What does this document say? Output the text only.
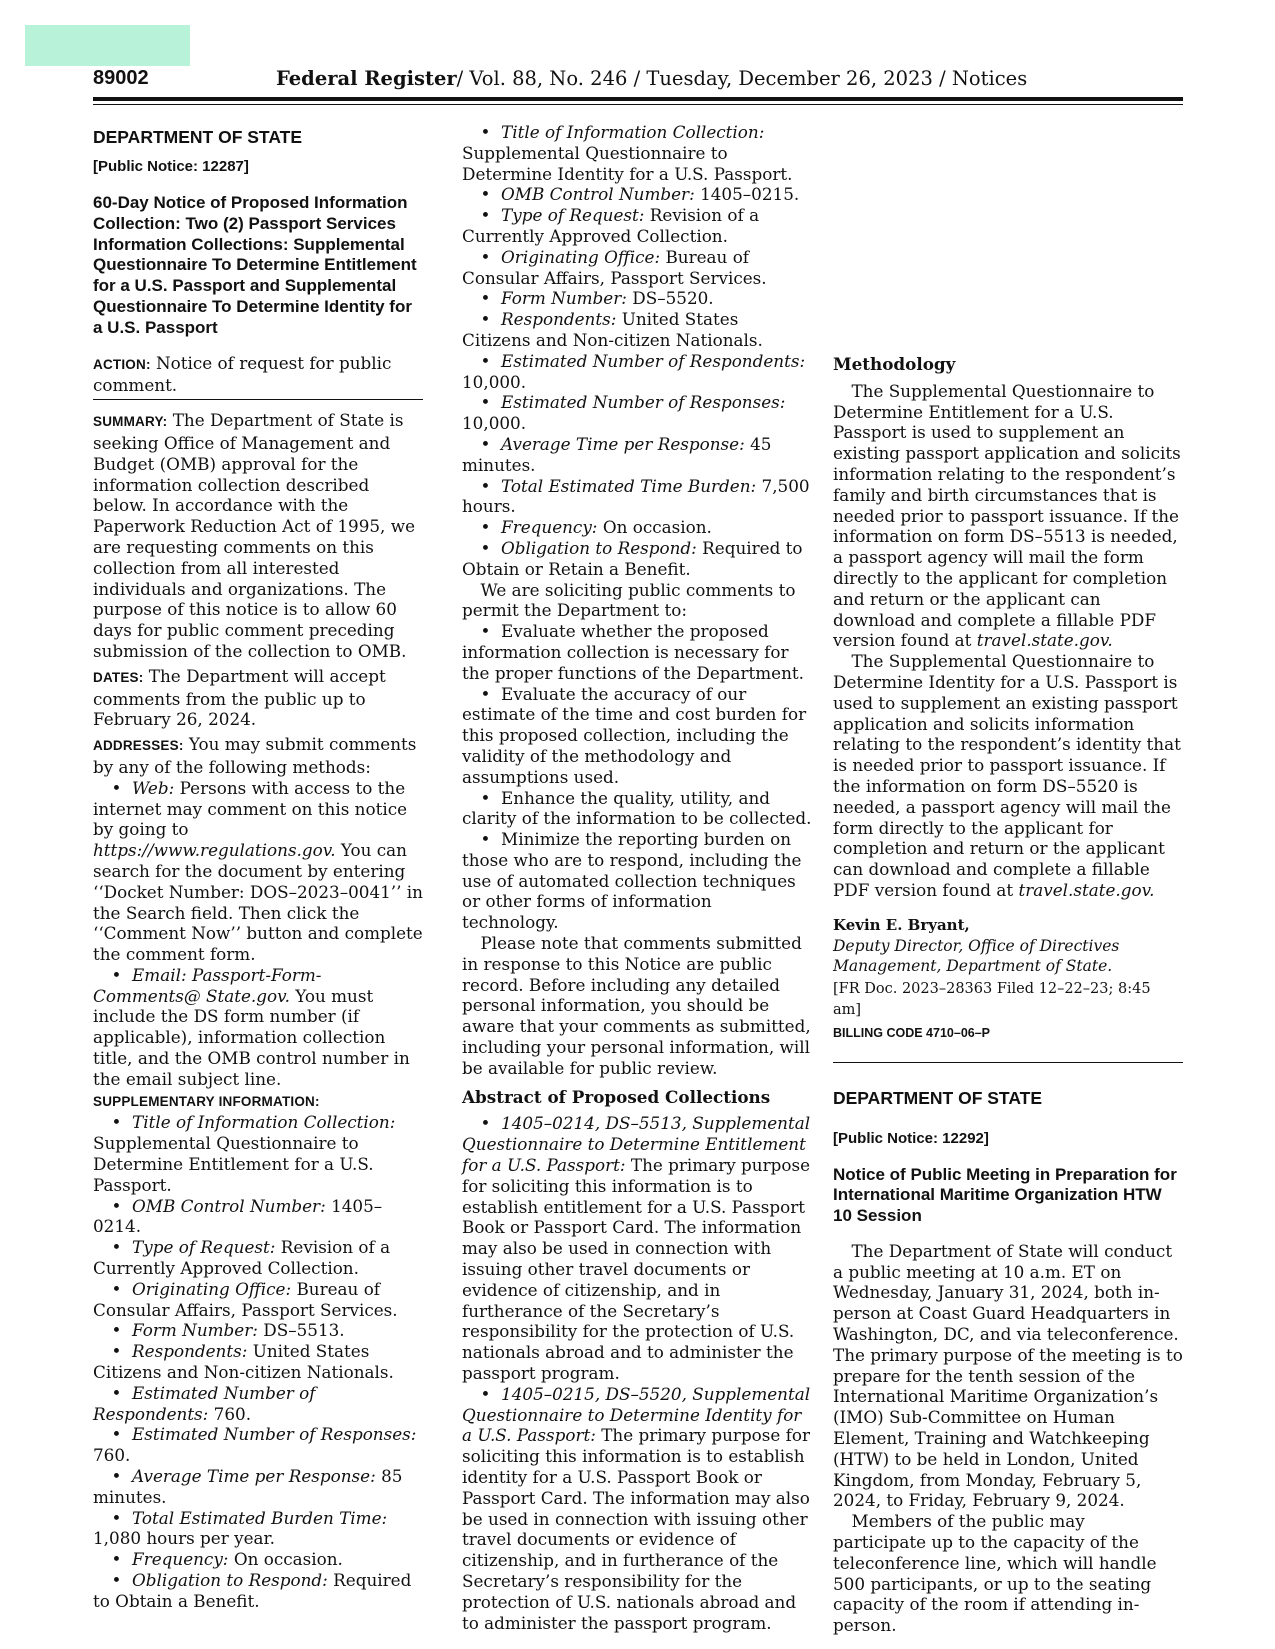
89002	Federal Register/ Vol. 88, No. 246 / Tuesday, December 26, 2023 / Notices

DEPARTMENT OF STATE

[Public Notice: 12287]

60-Day Notice of Proposed Information Collection: Two (2) Passport Services Information Collections: Supplemental Questionnaire To Determine Entitlement for a U.S. Passport and Supplemental Questionnaire To Determine Identity for a U.S. Passport

ACTION: Notice of request for public comment.

SUMMARY: The Department of State is seeking Office of Management and Budget (OMB) approval for the information collection described below. In accordance with the Paperwork Reduction Act of 1995, we are requesting comments on this collection from all interested individuals and organizations. The purpose of this notice is to allow 60 days for public comment preceding submission of the collection to OMB.

DATES: The Department will accept comments from the public up to February 26, 2024.

ADDRESSES: You may submit comments by any of the following methods:

•  Web: Persons with access to the internet may comment on this notice by going to https://www.regulations.gov. You can search for the document by entering ‘‘Docket Number: DOS–2023–0041’’ in the Search field. Then click the ‘‘Comment Now’’ button and complete the comment form.

•  Email: Passport-Form-Comments@ State.gov. You must include the DS form number (if applicable), information collection title, and the OMB control number in the email subject line.

SUPPLEMENTARY INFORMATION:

•  Title of Information Collection: Supplemental Questionnaire to Determine Entitlement for a U.S. Passport.

•  OMB Control Number: 1405–0214.

•  Type of Request: Revision of a Currently Approved Collection.

•  Originating Office: Bureau of Consular Affairs, Passport Services.

•  Form Number: DS–5513.

•  Respondents: United States Citizens and Non-citizen Nationals.

•  Estimated Number of Respondents: 760.

•  Estimated Number of Responses: 760.

•  Average Time per Response: 85 minutes.

•  Total Estimated Burden Time: 1,080 hours per year.

•  Frequency: On occasion.

•  Obligation to Respond: Required to Obtain a Benefit.

•  Title of Information Collection: Supplemental Questionnaire to Determine Identity for a U.S. Passport.

•  OMB Control Number: 1405–0215.

•  Type of Request: Revision of a Currently Approved Collection.

•  Originating Office: Bureau of Consular Affairs, Passport Services.

•  Form Number: DS–5520.

•  Respondents: United States Citizens and Non-citizen Nationals.

•  Estimated Number of Respondents: 10,000.

•  Estimated Number of Responses: 10,000.

•  Average Time per Response: 45 minutes.

•  Total Estimated Time Burden: 7,500 hours.

•  Frequency: On occasion.

•  Obligation to Respond: Required to Obtain or Retain a Benefit.

We are soliciting public comments to permit the Department to:

•  Evaluate whether the proposed information collection is necessary for the proper functions of the Department.

•  Evaluate the accuracy of our estimate of the time and cost burden for this proposed collection, including the validity of the methodology and assumptions used.

•  Enhance the quality, utility, and clarity of the information to be collected.

•  Minimize the reporting burden on those who are to respond, including the use of automated collection techniques or other forms of information technology.

Please note that comments submitted in response to this Notice are public record. Before including any detailed personal information, you should be aware that your comments as submitted, including your personal information, will be available for public review.

Abstract of Proposed Collections

•  1405–0214, DS–5513, Supplemental Questionnaire to Determine Entitlement for a U.S. Passport: The primary purpose for soliciting this information is to establish entitlement for a U.S. Passport Book or Passport Card. The information may also be used in connection with issuing other travel documents or evidence of citizenship, and in furtherance of the Secretary’s responsibility for the protection of U.S. nationals abroad and to administer the passport program.

•  1405–0215, DS–5520, Supplemental Questionnaire to Determine Identity for a U.S. Passport: The primary purpose for soliciting this information is to establish identity for a U.S. Passport Book or Passport Card. The information may also be used in connection with issuing other travel documents or evidence of citizenship, and in furtherance of the Secretary’s responsibility for the protection of U.S. nationals abroad and to administer the passport program.

Methodology

The Supplemental Questionnaire to Determine Entitlement for a U.S. Passport is used to supplement an existing passport application and solicits information relating to the respondent’s family and birth circumstances that is needed prior to passport issuance. If the information on form DS–5513 is needed, a passport agency will mail the form directly to the applicant for completion and return or the applicant can download and complete a fillable PDF version found at travel.state.gov.

The Supplemental Questionnaire to Determine Identity for a U.S. Passport is used to supplement an existing passport application and solicits information relating to the respondent’s identity that is needed prior to passport issuance. If the information on form DS–5520 is needed, a passport agency will mail the form directly to the applicant for completion and return or the applicant can download and complete a fillable PDF version found at travel.state.gov.

Kevin E. Bryant,

Deputy Director, Office of Directives Management, Department of State.

[FR Doc. 2023–28363 Filed 12–22–23; 8:45 am]

BILLING CODE 4710–06–P

DEPARTMENT OF STATE

[Public Notice: 12292]

Notice of Public Meeting in Preparation for International Maritime Organization HTW 10 Session

The Department of State will conduct a public meeting at 10 a.m. ET on Wednesday, January 31, 2024, both in-person at Coast Guard Headquarters in Washington, DC, and via teleconference. The primary purpose of the meeting is to prepare for the tenth session of the International Maritime Organization’s (IMO) Sub-Committee on Human Element, Training and Watchkeeping (HTW) to be held in London, United Kingdom, from Monday, February 5, 2024, to Friday, February 9, 2024.

Members of the public may participate up to the capacity of the teleconference line, which will handle 500 participants, or up to the seating capacity of the room if attending in-person.
